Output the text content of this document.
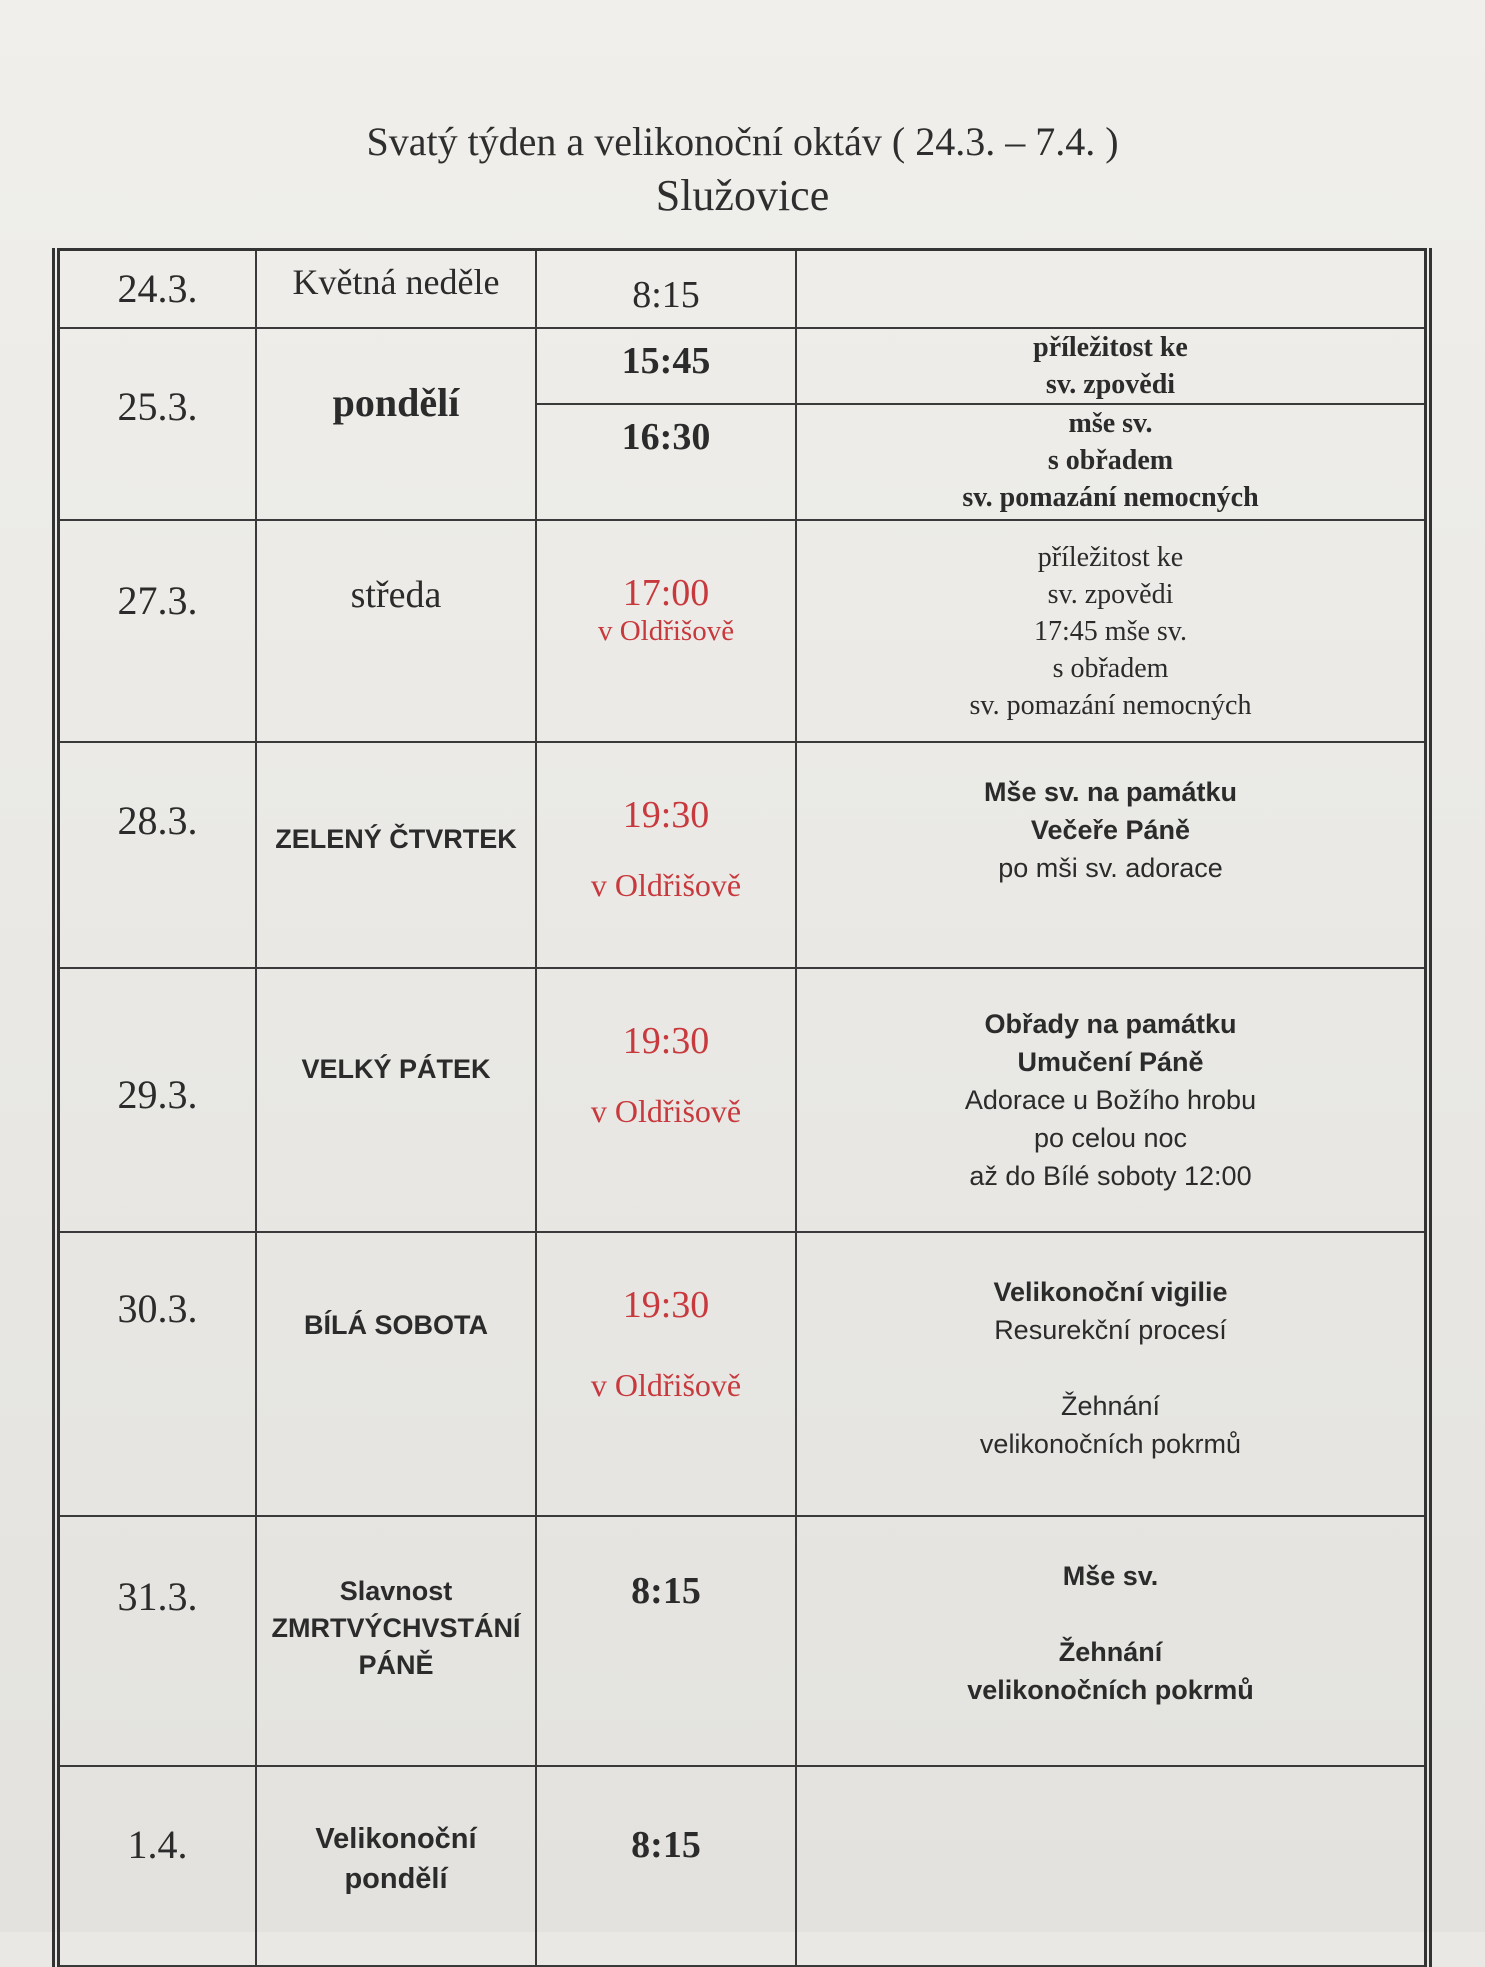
Svatý týden a velikonoční oktáv ( 24.3. – 7.4. )
Služovice
24.3.	Květná neděle	8:15	

25.3.	pondělí	15:45	příležitost ke
sv. zpovědi

		16:30	mše sv.
s obřadem
sv. pomazání nemocných

27.3.	středa	17:00
v Oldřišově	příležitost ke
sv. zpovědi
17:45 mše sv.
s obřadem
sv. pomazání nemocných

28.3.	ZELENÝ ČTVRTEK	19:30
v Oldřišově	Mše sv. na památku
Večeře Páně
po mši sv. adorace

29.3.	VELKÝ PÁTEK	19:30
v Oldřišově	Obřady na památku
Umučení Páně
Adorace u Božího hrobu
po celou noc
až do Bílé soboty 12:00

30.3.	BÍLÁ SOBOTA	19:30
v Oldřišově	Velikonoční vigilie
Resurekční procesí
Žehnání
velikonočních pokrmů

31.3.	Slavnost
ZMRTVÝCHVSTÁNÍ
PÁNĚ	8:15	Mše sv.
Žehnání
velikonočních pokrmů

1.4.	Velikonoční
pondělí	8:15	
